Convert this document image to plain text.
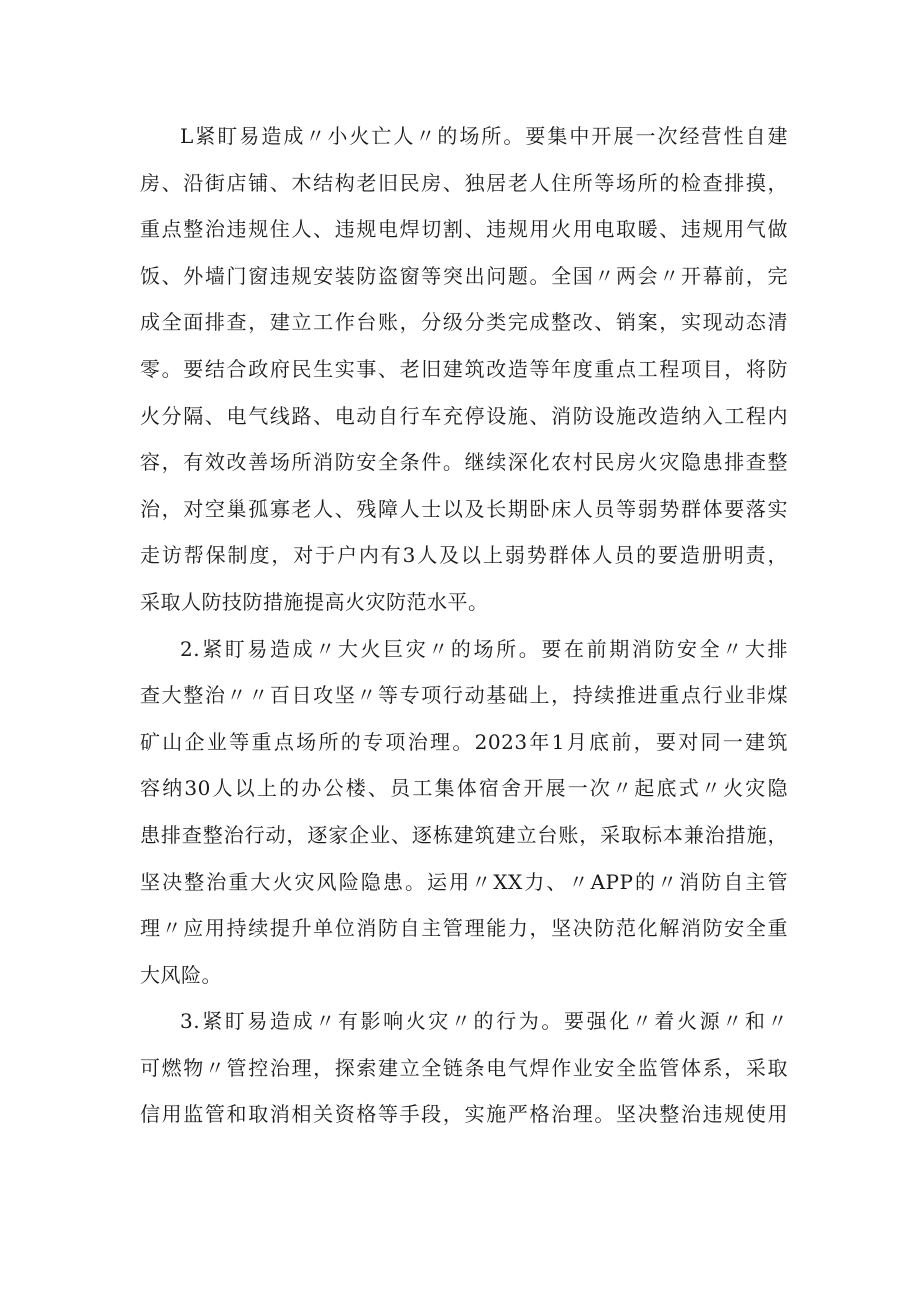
L紧盯易造成〃小火亡人〃的场所。要集中开展一次经营性自建
房、沿街店铺、木结构老旧民房、独居老人住所等场所的检查排摸，
重点整治违规住人、违规电焊切割、违规用火用电取暖、违规用气做
饭、外墙门窗违规安装防盗窗等突出问题。全国〃两会〃开幕前，完
成全面排查，建立工作台账，分级分类完成整改、销案，实现动态清
零。要结合政府民生实事、老旧建筑改造等年度重点工程项目，将防
火分隔、电气线路、电动自行车充停设施、消防设施改造纳入工程内
容，有效改善场所消防安全条件。继续深化农村民房火灾隐患排查整
治，对空巢孤寡老人、残障人士以及长期卧床人员等弱势群体要落实
走访帮保制度，对于户内有3人及以上弱势群体人员的要造册明责，
采取人防技防措施提高火灾防范水平。
2.紧盯易造成〃大火巨灾〃的场所。要在前期消防安全〃大排
查大整治〃〃百日攻坚〃等专项行动基础上，持续推进重点行业非煤
矿山企业等重点场所的专项治理。2023年1月底前，要对同一建筑
容纳30人以上的办公楼、员工集体宿舍开展一次〃起底式〃火灾隐
患排查整治行动，逐家企业、逐栋建筑建立台账，采取标本兼治措施，
坚决整治重大火灾风险隐患。运用〃XX力、〃APP的〃消防自主管
理〃应用持续提升单位消防自主管理能力，坚决防范化解消防安全重
大风险。
3.紧盯易造成〃有影响火灾〃的行为。要强化〃着火源〃和〃
可燃物〃管控治理，探索建立全链条电气焊作业安全监管体系，采取
信用监管和取消相关资格等手段，实施严格治理。坚决整治违规使用
